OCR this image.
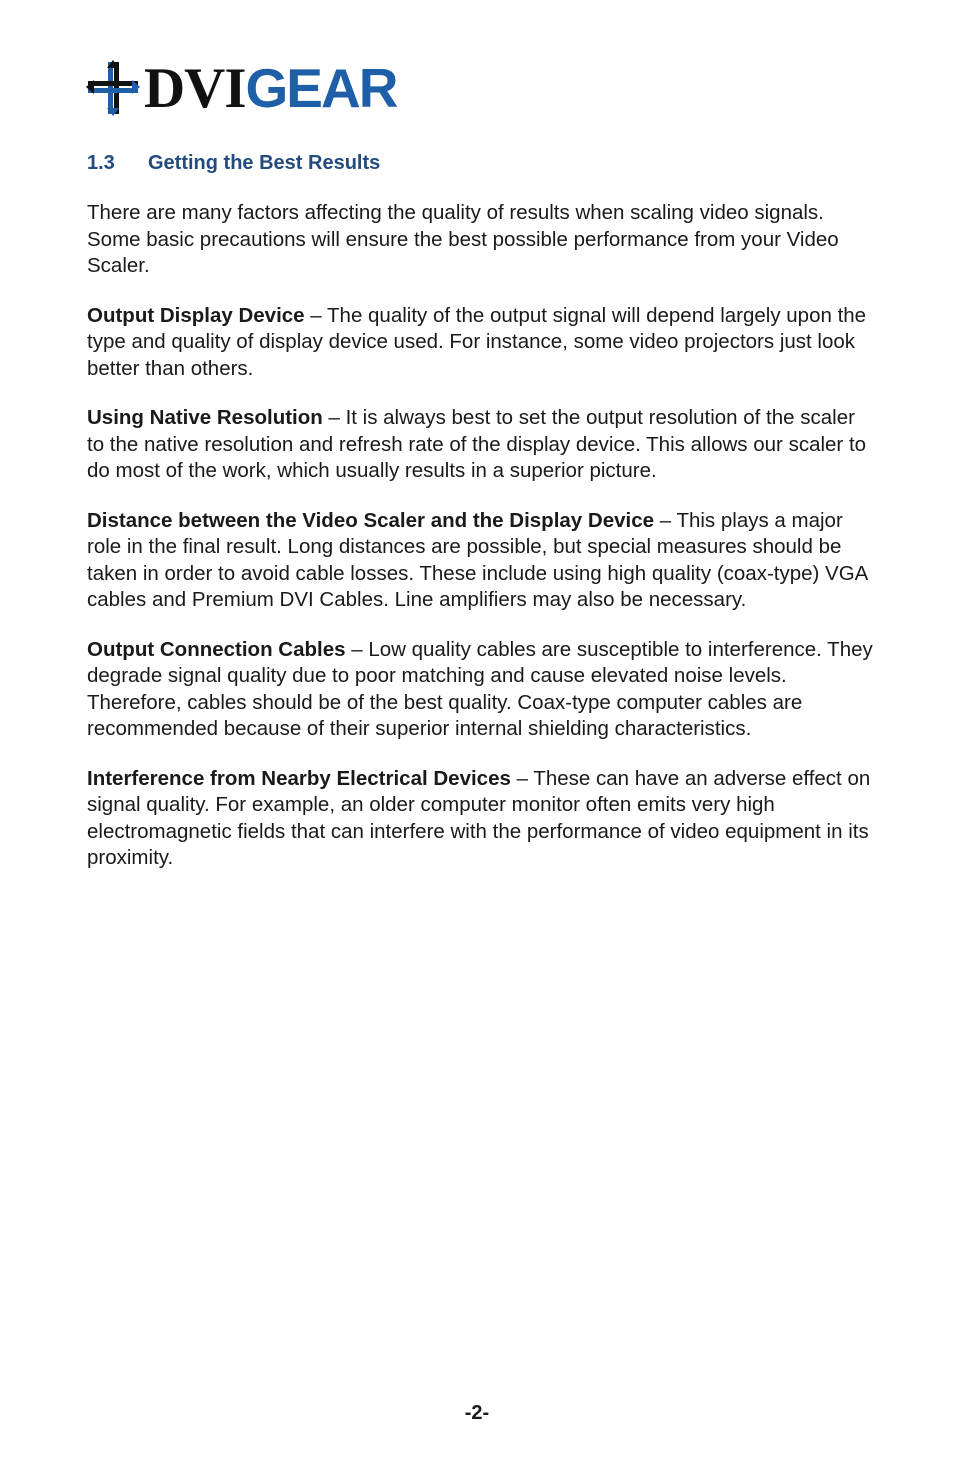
DVIGEAR
1.3 Getting the Best Results

There are many factors affecting the quality of results when scaling video signals. Some basic precautions will ensure the best possible performance from your Video Scaler.

Output Display Device – The quality of the output signal will depend largely upon the type and quality of display device used. For instance, some video projectors just look better than others.

Using Native Resolution – It is always best to set the output resolution of the scaler to the native resolution and refresh rate of the display device. This allows our scaler to do most of the work, which usually results in a superior picture.

Distance between the Video Scaler and the Display Device – This plays a major role in the final result. Long distances are possible, but special measures should be taken in order to avoid cable losses. These include using high quality (coax-type) VGA cables and Premium DVI Cables. Line amplifiers may also be necessary.

Output Connection Cables – Low quality cables are susceptible to interference. They degrade signal quality due to poor matching and cause elevated noise levels. Therefore, cables should be of the best quality. Coax-type computer cables are recommended because of their superior internal shielding characteristics.

Interference from Nearby Electrical Devices – These can have an adverse effect on signal quality. For example, an older computer monitor often emits very high electromagnetic fields that can interfere with the performance of video equipment in its proximity.

-2-
